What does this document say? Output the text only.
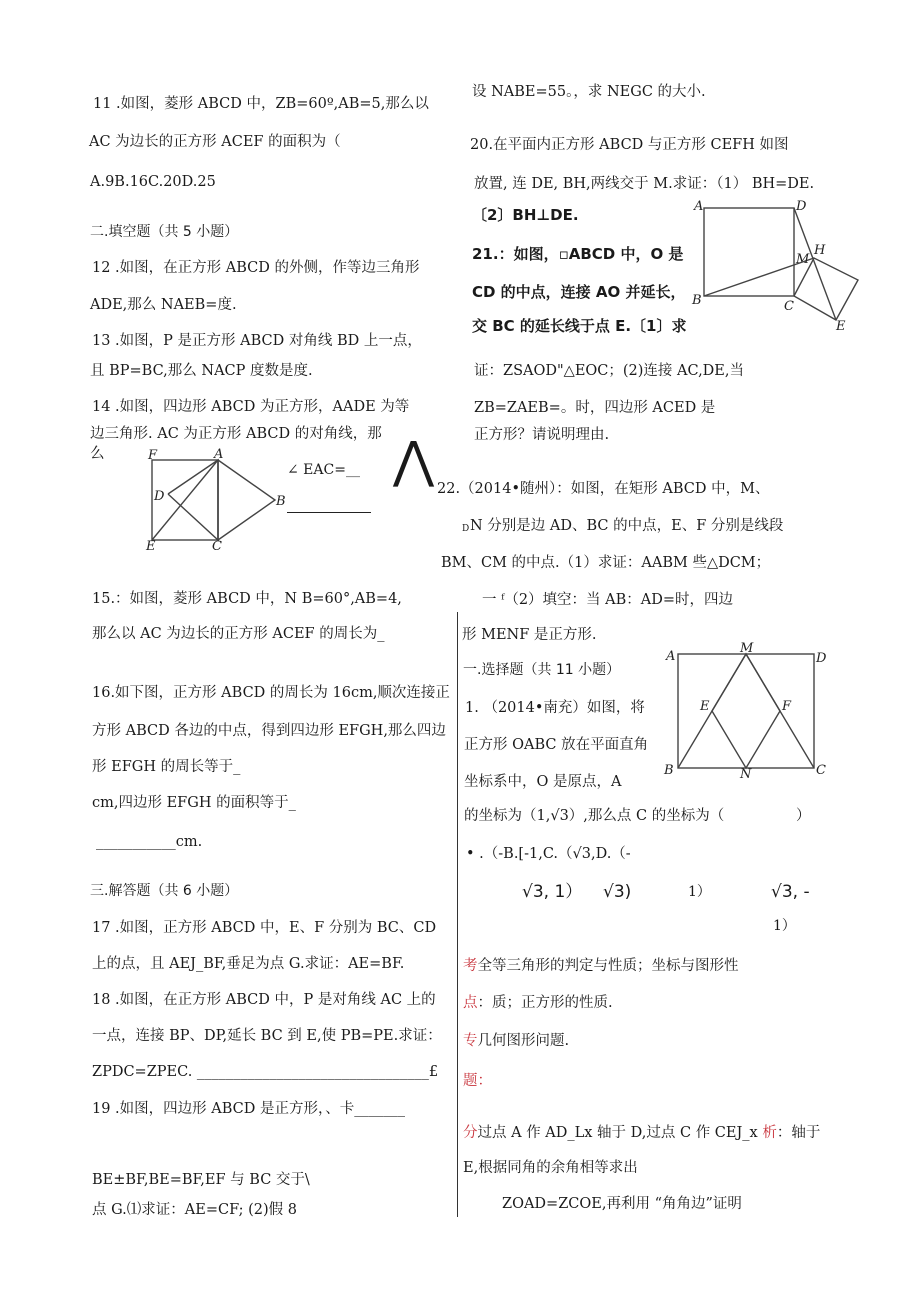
11 .如图，菱形 ABCD 中，ZB=60º,AB=5,那么以
AC 为边长的正方形 ACEF 的面积为（
A.9B.16C.20D.25
二.填空题（共 5 小题）
12 .如图，在正方形 ABCD 的外侧，作等边三角形
ADE,那么 NAEB=度.
13 .如图，P 是正方形 ABCD 对角线 BD 上一点，
且 BP=BC,那么 NACP 度数是度.
14 .如图，四边形 ABCD 为正方形，AADE 为等
边三角形. AC 为正方形 ABCD 的对角线，那
么
∠ EAC=__ ⋀
F	A
D	B
E	C
15.：如图，菱形 ABCD 中，N B=60°,AB=4,
那么以 AC 为边长的正方形 ACEF 的周长为_
16.如下图，正方形 ABCD 的周长为 16cm,顺次连接正
方形 ABCD 各边的中点，得到四边形 EFGH,那么四边
形 EFGH 的周长等于_
cm,四边形 EFGH 的面积等于_
___________cm.
三.解答题（共 6 小题）
17 .如图，正方形 ABCD 中，E、F 分别为 BC、CD
上的点，且 AEJ_BF,垂足为点 G.求证：AE=BF.
18 .如图，在正方形 ABCD 中，P 是对角线 AC 上的
一点，连接 BP、DP,延长 BC 到 E,使 PB=PE.求证：
ZPDC=ZPEC. ________________________________£
19 .如图，四边形 ABCD 是正方形，、卡_______
BE±BF,BE=BF,EF 与 BC 交于\
点 G.⑴求证：AE=CF; (2)假 8
设 NABE=55。，求 NEGC 的大小.
20.在平面内正方形 ABCD 与正方形 CEFH 如图
放置, 连 DE, BH,两线交于 M.求证：（1） BH=DE.
〔2〕BH⊥DE.
21.：如图，▫ABCD 中，O 是
CD 的中点，连接 AO 并延长，
交 BC 的延长线于点 E.〔1〕求
证：ZSAOD"△EOC；(2)连接 AC,DE,当
ZB=ZAEB=。时，四边形 ACED 是
正方形？请说明理由.
A	D
M
H
B	C
E
22.（2014•随州）：如图，在矩形 ABCD 中，M、
D N 分别是边 AD、BC 的中点，E、F 分别是线段
BM、CM 的中点.（1）求证：AABM 些△DCM；
一 ᶠ（2）填空：当 AB：AD=时，四边
形 MENF 是正方形.
一.选择题（共 11 小题）
1. （2014•南充）如图，将
正方形 OABC 放在平面直角
坐标系中，O 是原点，A
的坐标为（1,√3）,那么点 C 的坐标为（	）
• .（-B.[-1,C.（√3,D.（-
√3, 1） √3)	1）	√3, -
1）
A
M
D
E	F
B	N	C
考全等三角形的判定与性质；坐标与图形性
点：质；正方形的性质.
专几何图形问题.
题：
分过点 A 作 AD_Lx 轴于 D,过点 C 作 CEJ_x 析：轴于
E,根据同角的余角相等求出
ZOAD=ZCOE,再利用 “角角边”证明
